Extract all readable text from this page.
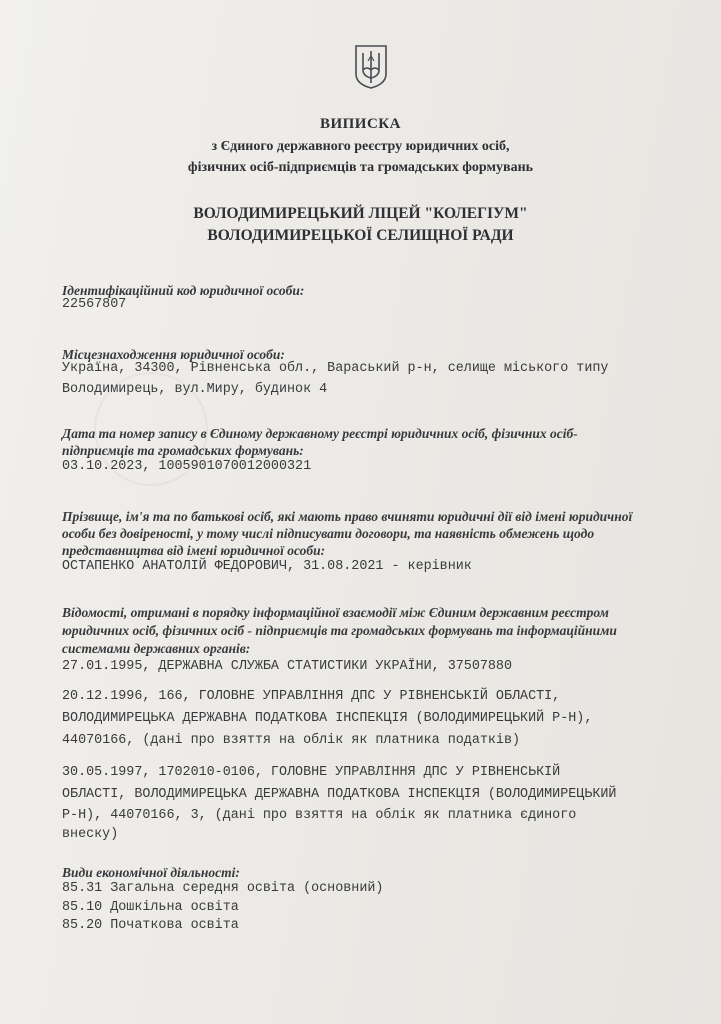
ВИПИСКА
з Єдиного державного реєстру юридичних осіб,
фізичних осіб-підприємців та громадських формувань
ВОЛОДИМИРЕЦЬКИЙ ЛІЦЕЙ "КОЛЕГІУМ"
ВОЛОДИМИРЕЦЬКОЇ СЕЛИЩНОЇ РАДИ
Ідентифікаційний код юридичної особи:
22567807
Місцезнаходження юридичної особи:
Україна, 34300, Рівненська обл., Вараський р-н, селище міського типу
Володимирець, вул.Миру, будинок 4
Дата та номер запису в Єдиному державному реєстрі юридичних осіб, фізичних осіб-
підприємців та громадських формувань:
03.10.2023, 1005901070012000321
Прізвище, ім'я та по батькові осіб, які мають право вчиняти юридичні дії від імені юридичної
особи без довіреності, у тому числі підписувати договори, та наявність обмежень щодо
представництва від імені юридичної особи:
ОСТАПЕНКО АНАТОЛІЙ ФЕДОРОВИЧ, 31.08.2021 - керівник
Відомості, отримані в порядку інформаційної взаємодії між Єдиним державним реєстром
юридичних осіб, фізичних осіб - підприємців та громадських формувань та інформаційними
системами державних органів:
27.01.1995, ДЕРЖАВНА СЛУЖБА СТАТИСТИКИ УКРАЇНИ, 37507880
20.12.1996, 166, ГОЛОВНЕ УПРАВЛІННЯ ДПС У РІВНЕНСЬКІЙ ОБЛАСТІ,
ВОЛОДИМИРЕЦЬКА ДЕРЖАВНА ПОДАТКОВА ІНСПЕКЦІЯ (ВОЛОДИМИРЕЦЬКИЙ Р-Н),
44070166, (дані про взяття на облік як платника податків)
30.05.1997, 1702010-0106, ГОЛОВНЕ УПРАВЛІННЯ ДПС У РІВНЕНСЬКІЙ
ОБЛАСТІ, ВОЛОДИМИРЕЦЬКА ДЕРЖАВНА ПОДАТКОВА ІНСПЕКЦІЯ (ВОЛОДИМИРЕЦЬКИЙ
Р-Н), 44070166, 3, (дані про взяття на облік як платника єдиного
внеску)
Види економічної діяльності:
85.31 Загальна середня освіта (основний)
85.10 Дошкільна освіта
85.20 Початкова освіта
